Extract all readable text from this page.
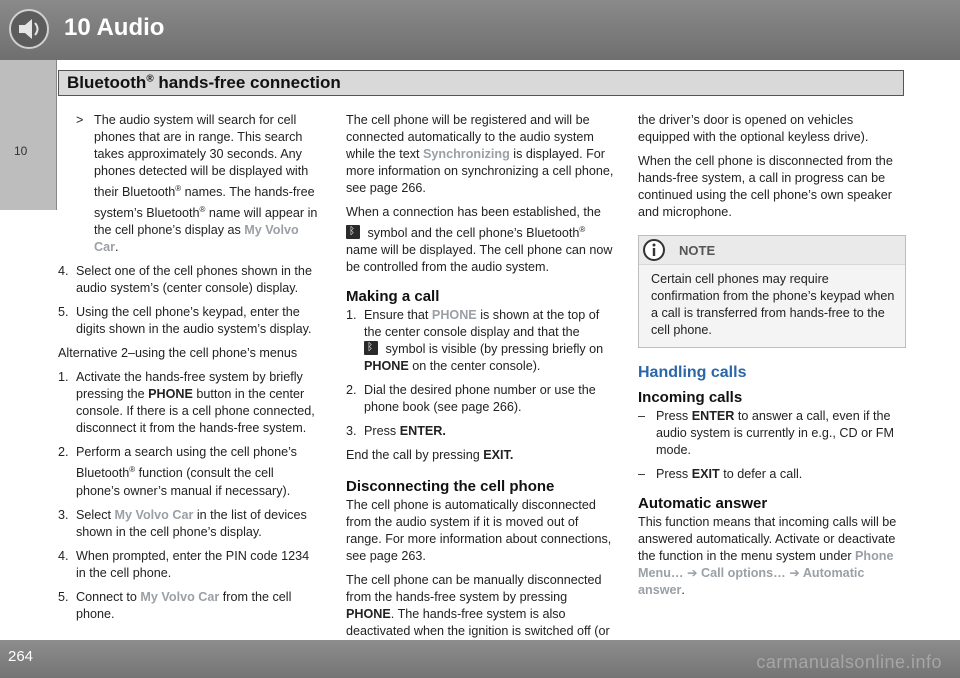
10 Audio
10
Bluetooth® hands-free connection
> The audio system will search for cell phones that are in range. This search takes approximately 30 seconds. Any phones detected will be displayed with their Bluetooth® names. The hands-free system’s Bluetooth® name will appear in the cell phone’s display as My Volvo Car.
4. Select one of the cell phones shown in the audio system’s (center console) display.
5. Using the cell phone’s keypad, enter the digits shown in the audio system’s display.

Alternative 2–using the cell phone’s menus

1. Activate the hands-free system by briefly pressing the PHONE button in the center console. If there is a cell phone connected, disconnect it from the hands-free system.
2. Perform a search using the cell phone’s Bluetooth® function (consult the cell phone’s owner’s manual if necessary).
3. Select My Volvo Car in the list of devices shown in the cell phone’s display.
4. When prompted, enter the PIN code 1234 in the cell phone.
5. Connect to My Volvo Car from the cell phone.

The cell phone will be registered and will be connected automatically to the audio system while the text Synchronizing is displayed. For more information on synchronizing a cell phone, see page 266.

When a connection has been established, the

ᛒ symbol and the cell phone’s Bluetooth® name will be displayed. The cell phone can now be controlled from the audio system.

Making a call
1. Ensure that PHONE is shown at the top of the center console display and that the

ᛒ symbol is visible (by pressing briefly on PHONE on the center console).
2. Dial the desired phone number or use the phone book (see page 266).
3. Press ENTER.

End the call by pressing EXIT.

Disconnecting the cell phone

The cell phone is automatically disconnected from the audio system if it is moved out of range. For more information about connections, see page 263.

The cell phone can be manually disconnected from the hands-free system by pressing PHONE. The hands-free system is also deactivated when the ignition is switched off (or

the driver’s door is opened on vehicles equipped with the optional keyless drive).

When the cell phone is disconnected from the hands-free system, a call in progress can be continued using the cell phone’s own speaker and microphone.

NOTE
Certain cell phones may require confirmation from the phone’s keypad when a call is transferred from hands-free to the cell phone.
Handling calls
Incoming calls
– Press ENTER to answer a call, even if the audio system is currently in e.g., CD or FM mode.
– Press EXIT to defer a call.
Automatic answer

This function means that incoming calls will be answered automatically. Activate or deactivate the function in the menu system under Phone Menu… ➔ Call options… ➔ Automatic answer.

264	carmanualsonline.info
